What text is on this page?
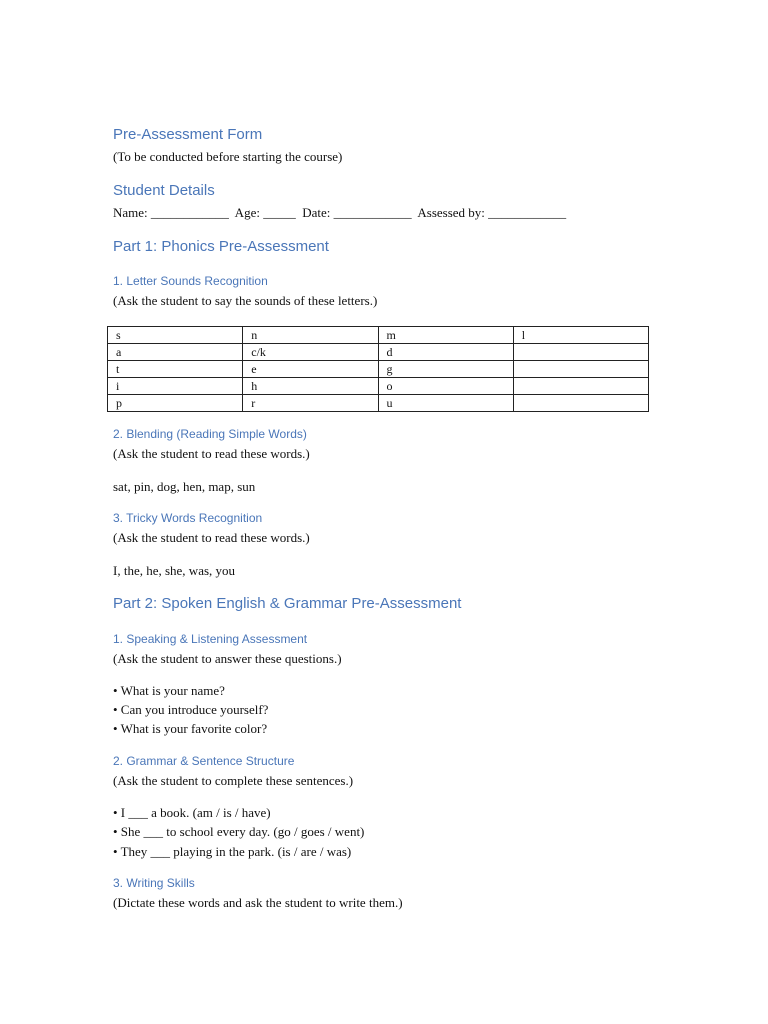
Pre-Assessment Form
(To be conducted before starting the course)
Student Details
Name: ____________  Age: _____  Date: ____________  Assessed by: ____________
Part 1: Phonics Pre-Assessment
1. Letter Sounds Recognition
(Ask the student to say the sounds of these letters.)
s	n	m	l
a	c/k	d	
t	e	g	
i	h	o	
p	r	u	
2. Blending (Reading Simple Words)
(Ask the student to read these words.)
sat, pin, dog, hen, map, sun
3. Tricky Words Recognition
(Ask the student to read these words.)
I, the, he, she, was, you
Part 2: Spoken English & Grammar Pre-Assessment
1. Speaking & Listening Assessment
(Ask the student to answer these questions.)
• What is your name?
• Can you introduce yourself?
• What is your favorite color?
2. Grammar & Sentence Structure
(Ask the student to complete these sentences.)
• I ___ a book. (am / is / have)
• She ___ to school every day. (go / goes / went)
• They ___ playing in the park. (is / are / was)
3. Writing Skills
(Dictate these words and ask the student to write them.)
